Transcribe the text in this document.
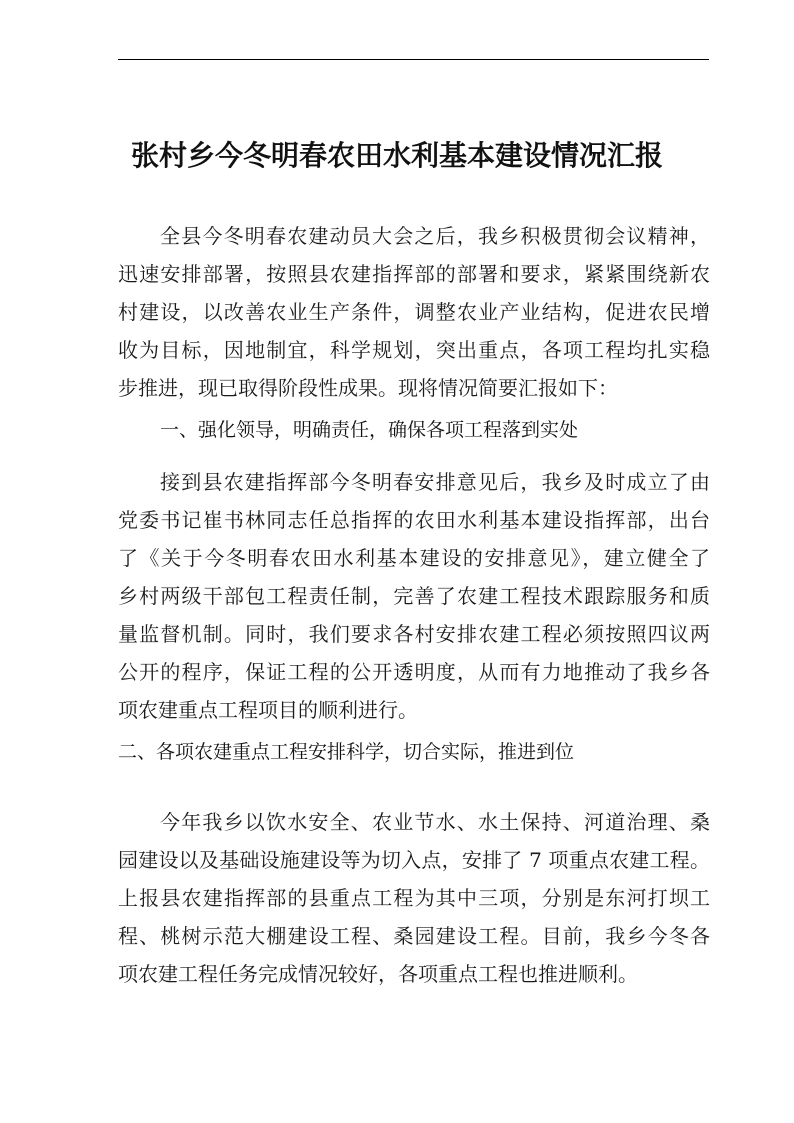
张村乡今冬明春农田水利基本建设情况汇报
全县今冬明春农建动员大会之后，我乡积极贯彻会议精神，
迅速安排部署，按照县农建指挥部的部署和要求，紧紧围绕新农
村建设，以改善农业生产条件，调整农业产业结构，促进农民增
收为目标，因地制宜，科学规划，突出重点，各项工程均扎实稳
步推进，现已取得阶段性成果。现将情况简要汇报如下：
一、强化领导，明确责任，确保各项工程落到实处
接到县农建指挥部今冬明春安排意见后，我乡及时成立了由
党委书记崔书林同志任总指挥的农田水利基本建设指挥部，出台
了《关于今冬明春农田水利基本建设的安排意见》，建立健全了
乡村两级干部包工程责任制，完善了农建工程技术跟踪服务和质
量监督机制。同时，我们要求各村安排农建工程必须按照四议两
公开的程序，保证工程的公开透明度，从而有力地推动了我乡各
项农建重点工程项目的顺利进行。
二、各项农建重点工程安排科学，切合实际，推进到位
今年我乡以饮水安全、农业节水、水土保持、河道治理、桑
园建设以及基础设施建设等为切入点，安排了 7 项重点农建工程。
上报县农建指挥部的县重点工程为其中三项，分别是东河打坝工
程、桃树示范大棚建设工程、桑园建设工程。目前，我乡今冬各
项农建工程任务完成情况较好，各项重点工程也推进顺利。
